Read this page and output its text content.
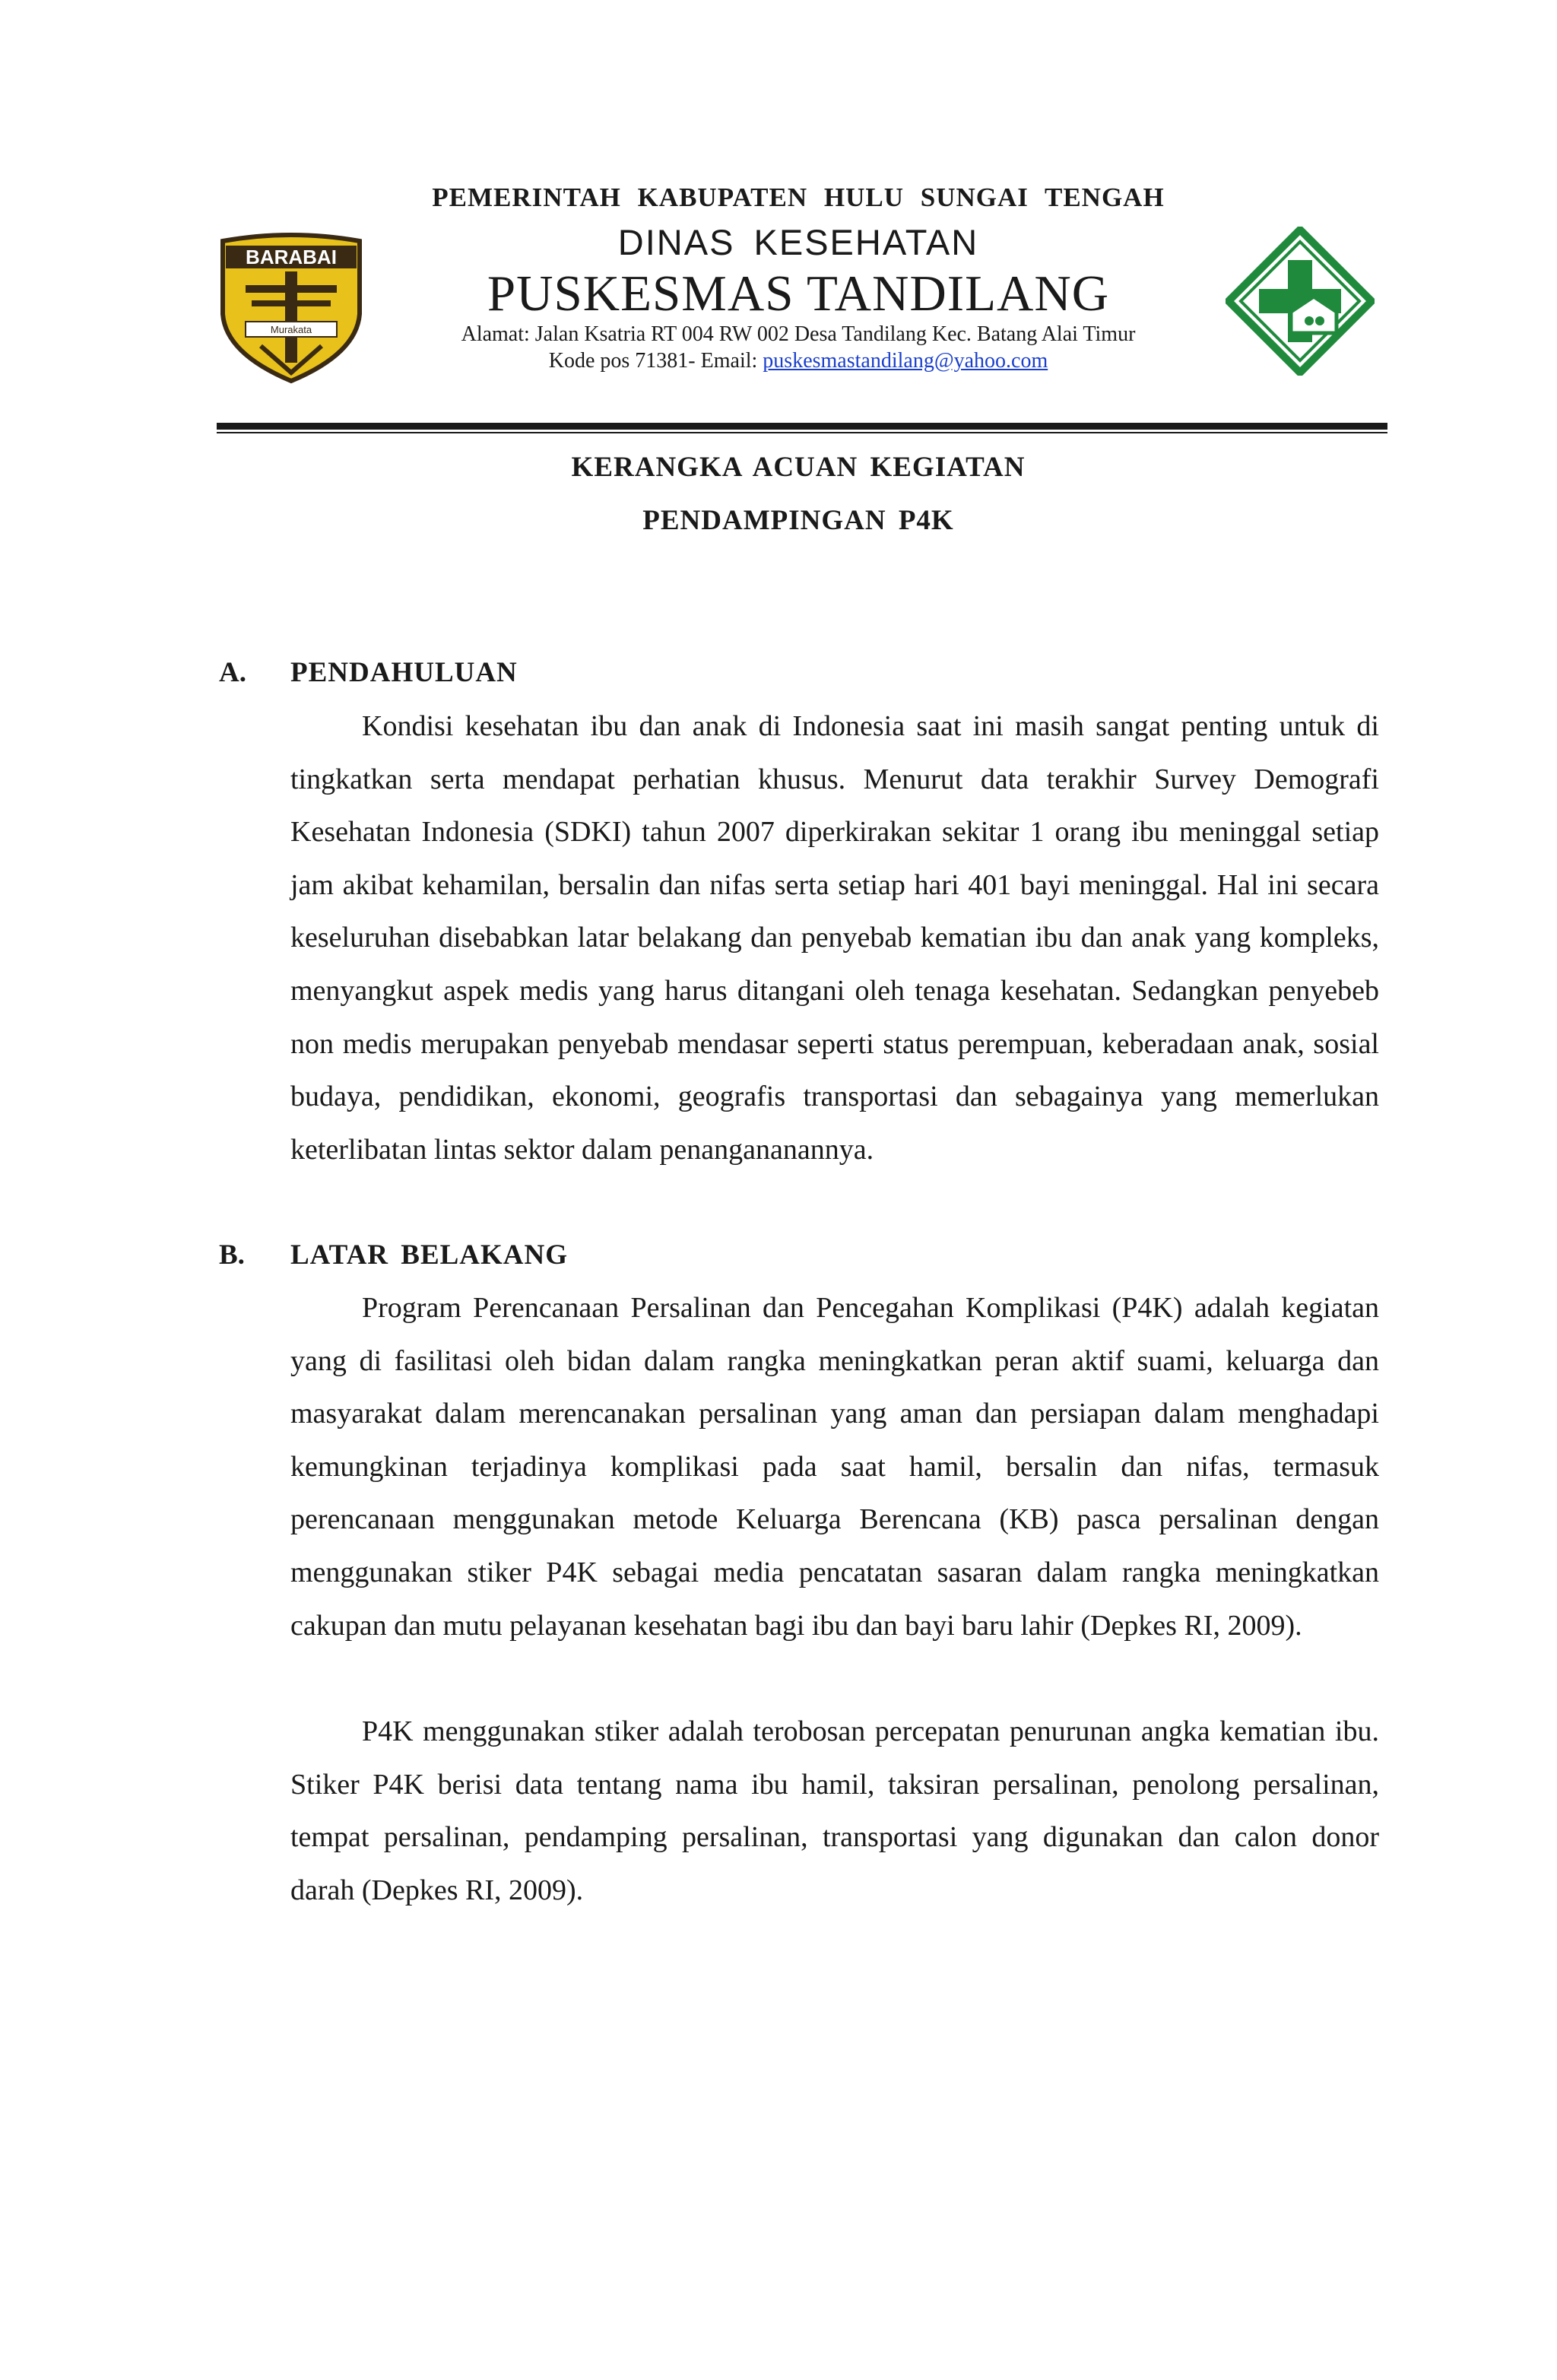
BARABAI
Murakata
PEMERINTAH KABUPATEN HULU SUNGAI TENGAH
DINAS KESEHATAN
PUSKESMAS TANDILANG
Alamat: Jalan Ksatria RT 004 RW 002 Desa Tandilang Kec. Batang Alai Timur
Kode pos 71381- Email: puskesmastandilang@yahoo.com
KERANGKA ACUAN KEGIATAN
PENDAMPINGAN P4K
A. PENDAHULUAN

Kondisi kesehatan ibu dan anak di Indonesia saat ini masih sangat penting untuk di tingkatkan serta mendapat perhatian khusus. Menurut data terakhir Survey Demografi Kesehatan Indonesia (SDKI) tahun 2007 diperkirakan sekitar 1 orang ibu meninggal setiap jam akibat kehamilan, bersalin dan nifas serta setiap hari 401 bayi meninggal. Hal ini secara keseluruhan disebabkan latar belakang dan penyebab kematian ibu dan anak yang kompleks, menyangkut aspek medis yang harus ditangani oleh tenaga kesehatan. Sedangkan penyebeb non medis merupakan penyebab mendasar seperti status perempuan, keberadaan anak, sosial budaya, pendidikan, ekonomi, geografis transportasi dan sebagainya yang memerlukan keterlibatan lintas sektor dalam penangananannya.

B. LATAR BELAKANG

Program Perencanaan Persalinan dan Pencegahan Komplikasi (P4K) adalah kegiatan yang di fasilitasi oleh bidan dalam rangka meningkatkan peran aktif suami, keluarga dan masyarakat dalam merencanakan persalinan yang aman dan persiapan dalam menghadapi kemungkinan terjadinya komplikasi pada saat hamil, bersalin dan nifas, termasuk perencanaan menggunakan metode Keluarga Berencana (KB) pasca persalinan dengan menggunakan stiker P4K sebagai media pencatatan sasaran dalam rangka meningkatkan cakupan dan mutu pelayanan kesehatan bagi ibu dan bayi baru lahir (Depkes RI, 2009).

P4K menggunakan stiker adalah terobosan percepatan penurunan angka kematian ibu. Stiker P4K berisi data tentang nama ibu hamil, taksiran persalinan, penolong persalinan, tempat persalinan, pendamping persalinan, transportasi yang digunakan dan calon donor darah (Depkes RI, 2009).
